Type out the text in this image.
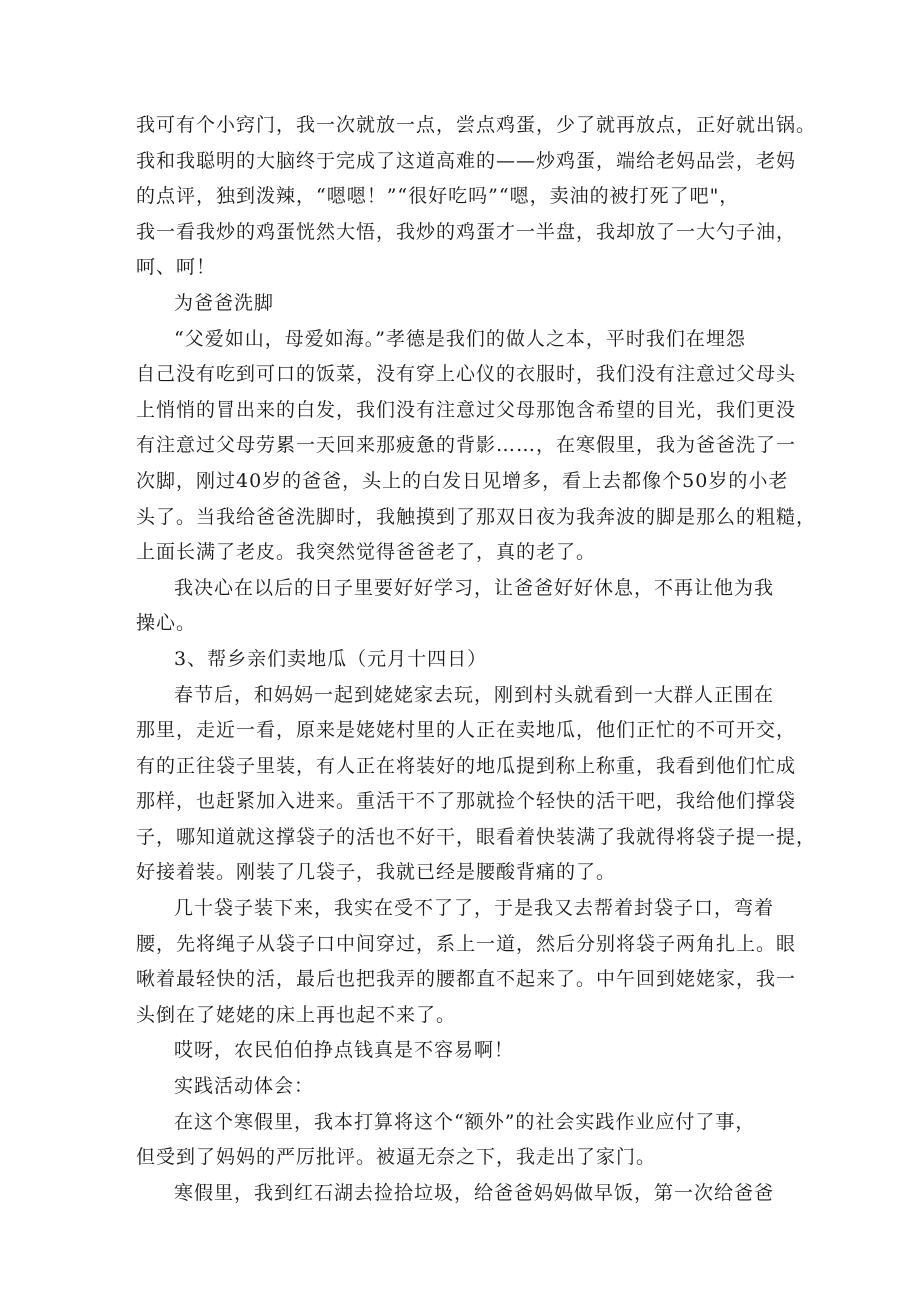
我可有个小窍门，我一次就放一点，尝点鸡蛋，少了就再放点，正好就出锅。
我和我聪明的大脑终于完成了这道高难的——炒鸡蛋，端给老妈品尝，老妈
的点评，独到泼辣，“嗯嗯！”“很好吃吗”“嗯，卖油的被打死了吧"，
我一看我炒的鸡蛋恍然大悟，我炒的鸡蛋才一半盘，我却放了一大勺子油，
呵、呵！
为爸爸洗脚
“父爱如山，母爱如海。”孝德是我们的做人之本，平时我们在埋怨
自己没有吃到可口的饭菜，没有穿上心仪的衣服时，我们没有注意过父母头
上悄悄的冒出来的白发，我们没有注意过父母那饱含希望的目光，我们更没
有注意过父母劳累一天回来那疲惫的背影……，在寒假里，我为爸爸洗了一
次脚，刚过40岁的爸爸，头上的白发日见增多，看上去都像个50岁的小老
头了。当我给爸爸洗脚时，我触摸到了那双日夜为我奔波的脚是那么的粗糙，
上面长满了老皮。我突然觉得爸爸老了，真的老了。
我决心在以后的日子里要好好学习，让爸爸好好休息，不再让他为我
操心。
3、帮乡亲们卖地瓜（元月十四日）
春节后，和妈妈一起到姥姥家去玩，刚到村头就看到一大群人正围在
那里，走近一看，原来是姥姥村里的人正在卖地瓜，他们正忙的不可开交，
有的正往袋子里装，有人正在将装好的地瓜提到称上称重，我看到他们忙成
那样，也赶紧加入进来。重活干不了那就捡个轻快的活干吧，我给他们撑袋
子，哪知道就这撑袋子的活也不好干，眼看着快装满了我就得将袋子提一提，
好接着装。刚装了几袋子，我就已经是腰酸背痛的了。
几十袋子装下来，我实在受不了了，于是我又去帮着封袋子口，弯着
腰，先将绳子从袋子口中间穿过，系上一道，然后分别将袋子两角扎上。眼
啾着最轻快的活，最后也把我弄的腰都直不起来了。中午回到姥姥家，我一
头倒在了姥姥的床上再也起不来了。
哎呀，农民伯伯挣点钱真是不容易啊！
实践活动体会：
在这个寒假里，我本打算将这个“额外”的社会实践作业应付了事，
但受到了妈妈的严厉批评。被逼无奈之下，我走出了家门。
寒假里，我到红石湖去捡拾垃圾，给爸爸妈妈做早饭，第一次给爸爸
